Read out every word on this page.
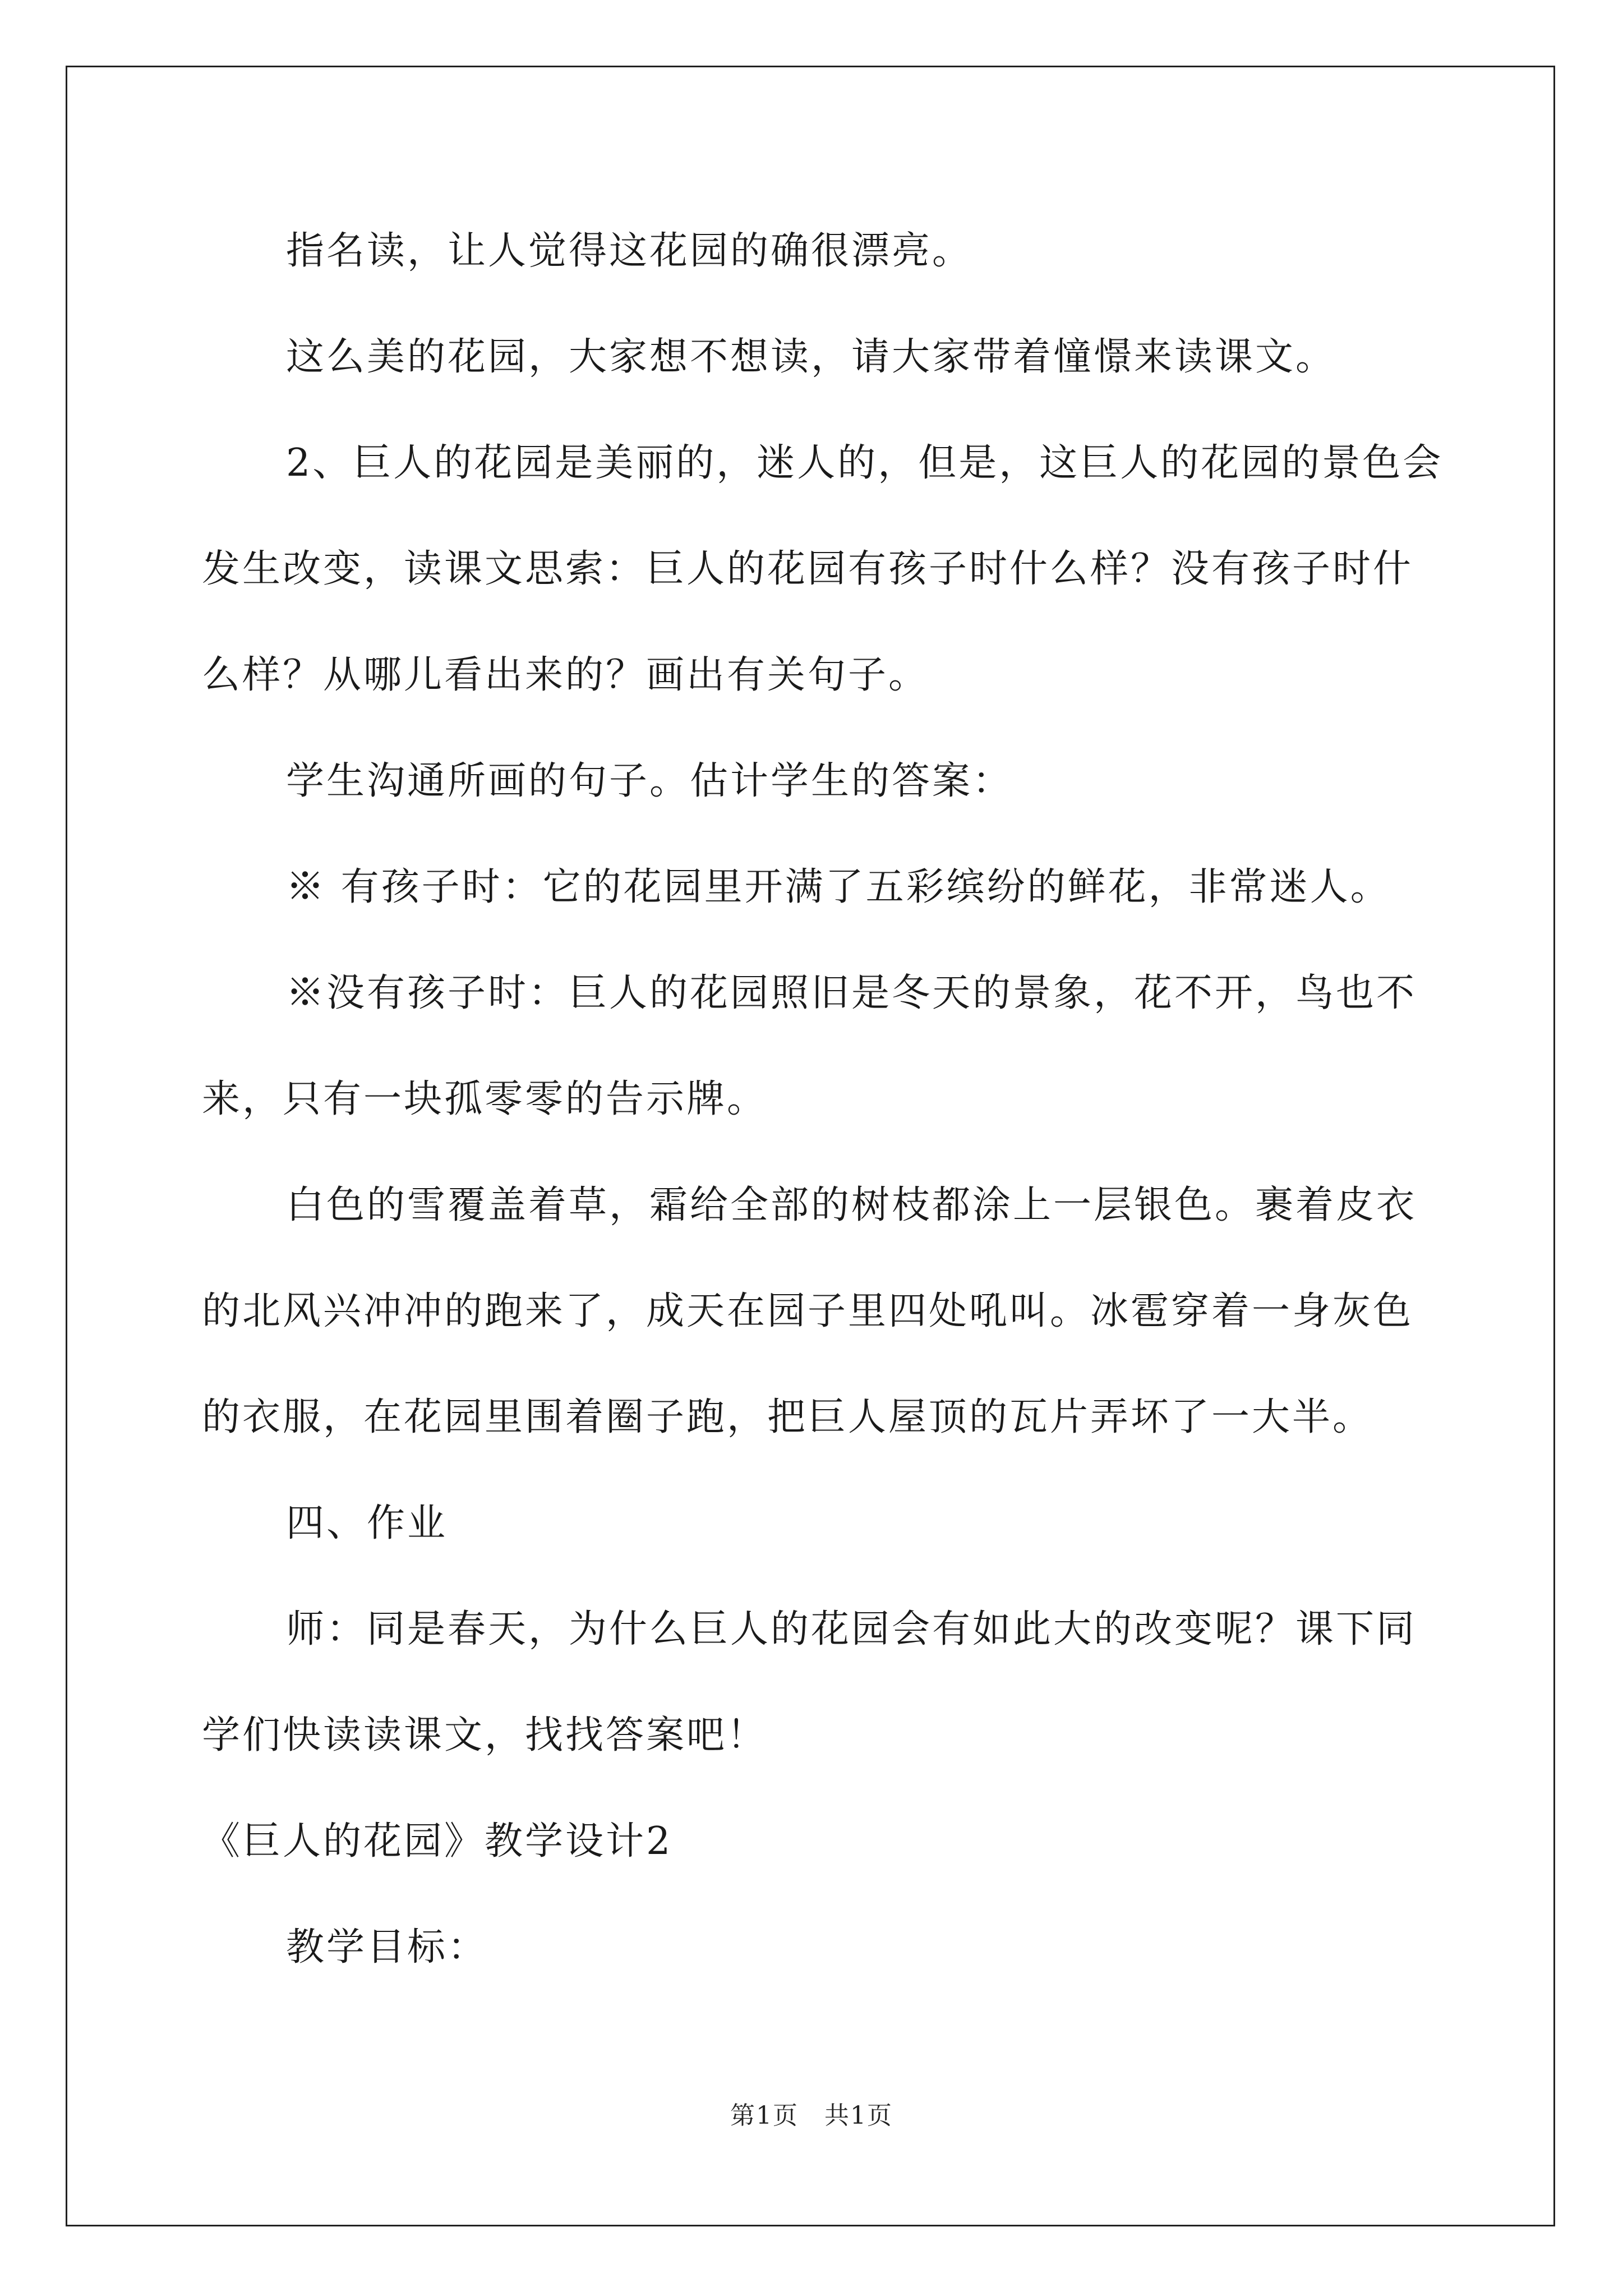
指名读，让人觉得这花园的确很漂亮。
这么美的花园，大家想不想读，请大家带着憧憬来读课文。
2、巨人的花园是美丽的，迷人的，但是，这巨人的花园的景色会
发生改变，读课文思索：巨人的花园有孩子时什么样？没有孩子时什
么样？从哪儿看出来的？画出有关句子。
学生沟通所画的句子。估计学生的答案：
※ 有孩子时：它的花园里开满了五彩缤纷的鲜花，非常迷人。
※没有孩子时：巨人的花园照旧是冬天的景象，花不开，鸟也不
来，只有一块孤零零的告示牌。
白色的雪覆盖着草，霜给全部的树枝都涂上一层银色。裹着皮衣
的北风兴冲冲的跑来了，成天在园子里四处吼叫。冰雹穿着一身灰色
的衣服，在花园里围着圈子跑，把巨人屋顶的瓦片弄坏了一大半。
四、作业
师：同是春天，为什么巨人的花园会有如此大的改变呢？课下同
学们快读读课文，找找答案吧！
《巨人的花园》教学设计2
教学目标：
第1页　共1页
